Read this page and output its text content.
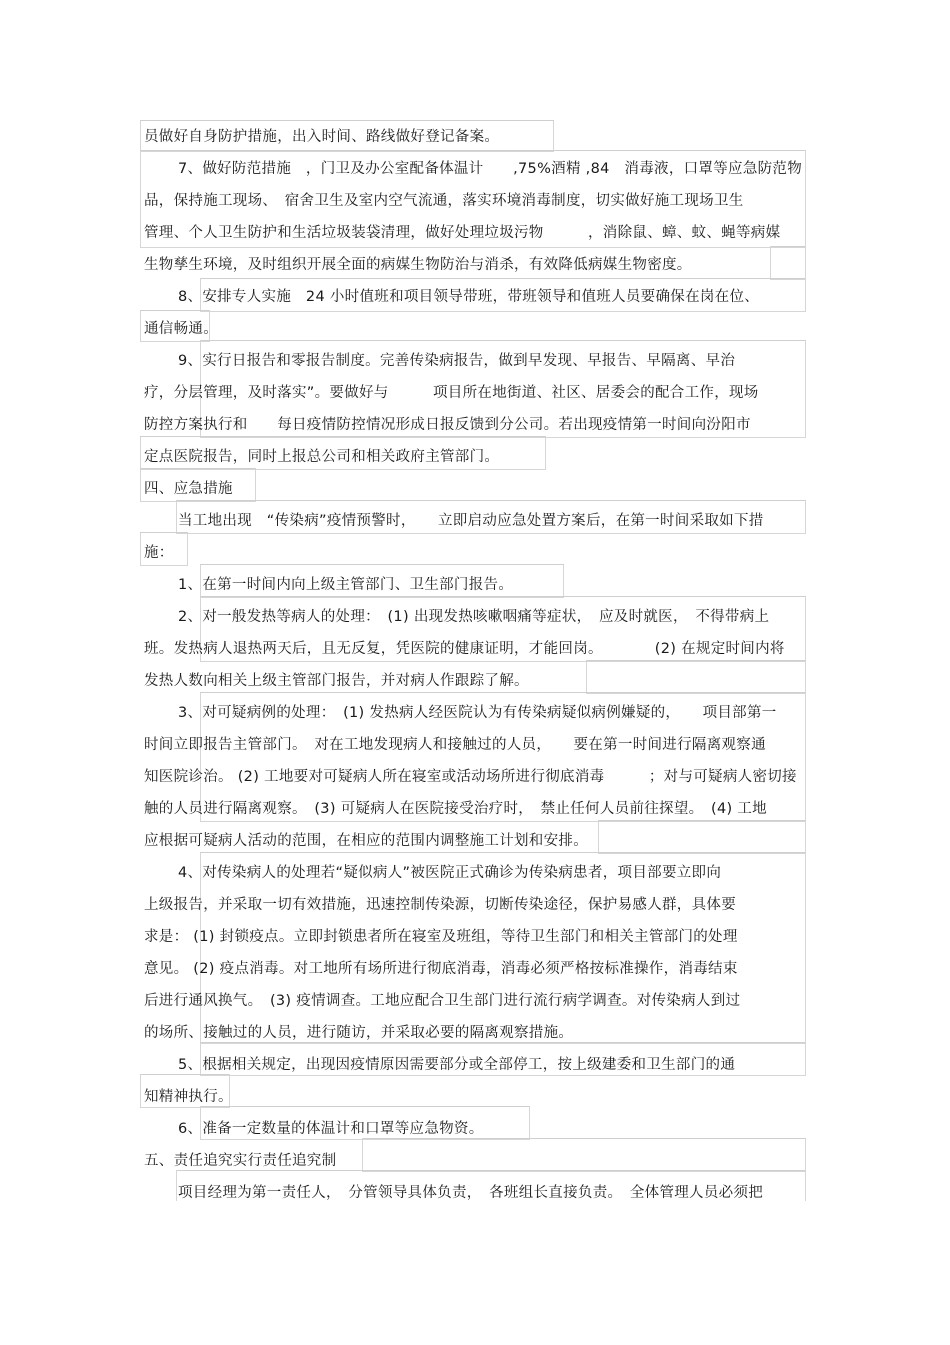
员做好自身防护措施，出入时间、路线做好登记备案。
7、做好防范措施　，门卫及办公室配备体温计　　,75%酒精 ,84　消毒液，口罩等应急防范物
品，保持施工现场、　宿舍卫生及室内空气流通，落实环境消毒制度，切实做好施工现场卫生
管理、个人卫生防护和生活垃圾装袋清理，做好处理垃圾污物　　　，消除鼠、蟑、蚊、蝇等病媒
生物孳生环境，及时组织开展全面的病媒生物防治与消杀，有效降低病媒生物密度。
8、安排专人实施　24 小时值班和项目领导带班，带班领导和值班人员要确保在岗在位、
通信畅通。
9、实行日报告和零报告制度。完善传染病报告，做到早发现、早报告、早隔离、早治
疗，分层管理，及时落实”。要做好与　　　项目所在地街道、社区、居委会的配合工作，现场
防控方案执行和　　每日疫情防控情况形成日报反馈到分公司。若出现疫情第一时间向汾阳市
定点医院报告，同时上报总公司和相关政府主管部门。
四、应急措施
当工地出现　“传染病”疫情预警时，　　立即启动应急处置方案后，在第一时间采取如下措
施：
1、在第一时间内向上级主管部门、卫生部门报告。
2、对一般发热等病人的处理：　(1) 出现发热咳嗽咽痛等症状，　应及时就医，　不得带病上
班。发热病人退热两天后，且无反复，凭医院的健康证明，才能回岗。　　　　(2) 在规定时间内将
发热人数向相关上级主管部门报告，并对病人作跟踪了解。
3、对可疑病例的处理：　(1) 发热病人经医院认为有传染病疑似病例嫌疑的，　　项目部第一
时间立即报告主管部门。　对在工地发现病人和接触过的人员，　　要在第一时间进行隔离观察通
知医院诊治。 (2) 工地要对可疑病人所在寝室或活动场所进行彻底消毒　　　；对与可疑病人密切接
触的人员进行隔离观察。　(3) 可疑病人在医院接受治疗时，　禁止任何人员前往探望。　(4) 工地
应根据可疑病人活动的范围，在相应的范围内调整施工计划和安排。
4、对传染病人的处理若“疑似病人”被医院正式确诊为传染病患者，项目部要立即向
上级报告，并采取一切有效措施，迅速控制传染源，切断传染途径，保护易感人群，具体要
求是： (1) 封锁疫点。立即封锁患者所在寝室及班组，等待卫生部门和相关主管部门的处理
意见。 (2) 疫点消毒。对工地所有场所进行彻底消毒，消毒必须严格按标准操作，消毒结束
后进行通风换气。　(3) 疫情调查。工地应配合卫生部门进行流行病学调查。对传染病人到过
的场所、接触过的人员，进行随访，并采取必要的隔离观察措施。
5、根据相关规定，出现因疫情原因需要部分或全部停工，按上级建委和卫生部门的通
知精神执行。
6、准备一定数量的体温计和口罩等应急物资。
五、责任追究实行责任追究制
项目经理为第一责任人，　分管领导具体负责，　各班组长直接负责。　全体管理人员必须把
